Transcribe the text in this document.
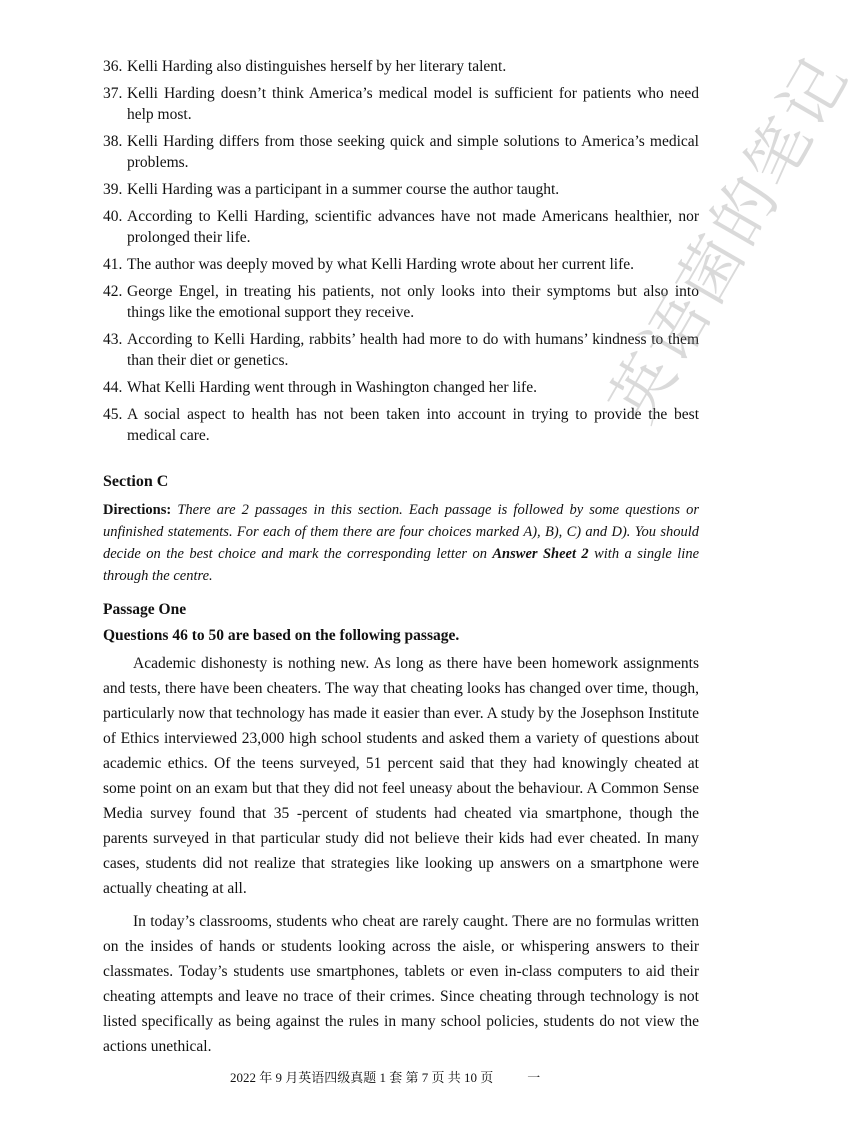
36. Kelli Harding also distinguishes herself by her literary talent.
37. Kelli Harding doesn’t think America’s medical model is sufficient for patients who need help most.
38. Kelli Harding differs from those seeking quick and simple solutions to America’s medical problems.
39. Kelli Harding was a participant in a summer course the author taught.
40. According to Kelli Harding, scientific advances have not made Americans healthier, nor prolonged their life.
41. The author was deeply moved by what Kelli Harding wrote about her current life.
42. George Engel, in treating his patients, not only looks into their symptoms but also into things like the emotional support they receive.
43. According to Kelli Harding, rabbits’ health had more to do with humans’ kindness to them than their diet or genetics.
44. What Kelli Harding went through in Washington changed her life.
45. A social aspect to health has not been taken into account in trying to provide the best medical care.

Section C

Directions: There are 2 passages in this section. Each passage is followed by some questions or unfinished statements. For each of them there are four choices marked A), B), C) and D). You should decide on the best choice and mark the corresponding letter on Answer Sheet 2 with a single line through the centre.

Passage One

Questions 46 to 50 are based on the following passage.

Academic dishonesty is nothing new. As long as there have been homework assignments and tests, there have been cheaters. The way that cheating looks has changed over time, though, particularly now that technology has made it easier than ever. A study by the Josephson Institute of Ethics interviewed 23,000 high school students and asked them a variety of questions about academic ethics. Of the teens surveyed, 51 percent said that they had knowingly cheated at some point on an exam but that they did not feel uneasy about the behaviour. A Common Sense Media survey found that 35 -percent of students had cheated via smartphone, though the parents surveyed in that particular study did not believe their kids had ever cheated. In many cases, students did not realize that strategies like looking up answers on a smartphone were actually cheating at all.

In today’s classrooms, students who cheat are rarely caught. There are no formulas written on the insides of hands or students looking across the aisle, or whispering answers to their classmates. Today’s students use smartphones, tablets or even in-class computers to aid their cheating attempts and leave no trace of their crimes. Since cheating through technology is not listed specifically as being against the rules in many school policies, students do not view the actions unethical.

2022 年 9 月英语四级真题 1 套 第 7 页 共 10 页	一
英语菌的笔记
